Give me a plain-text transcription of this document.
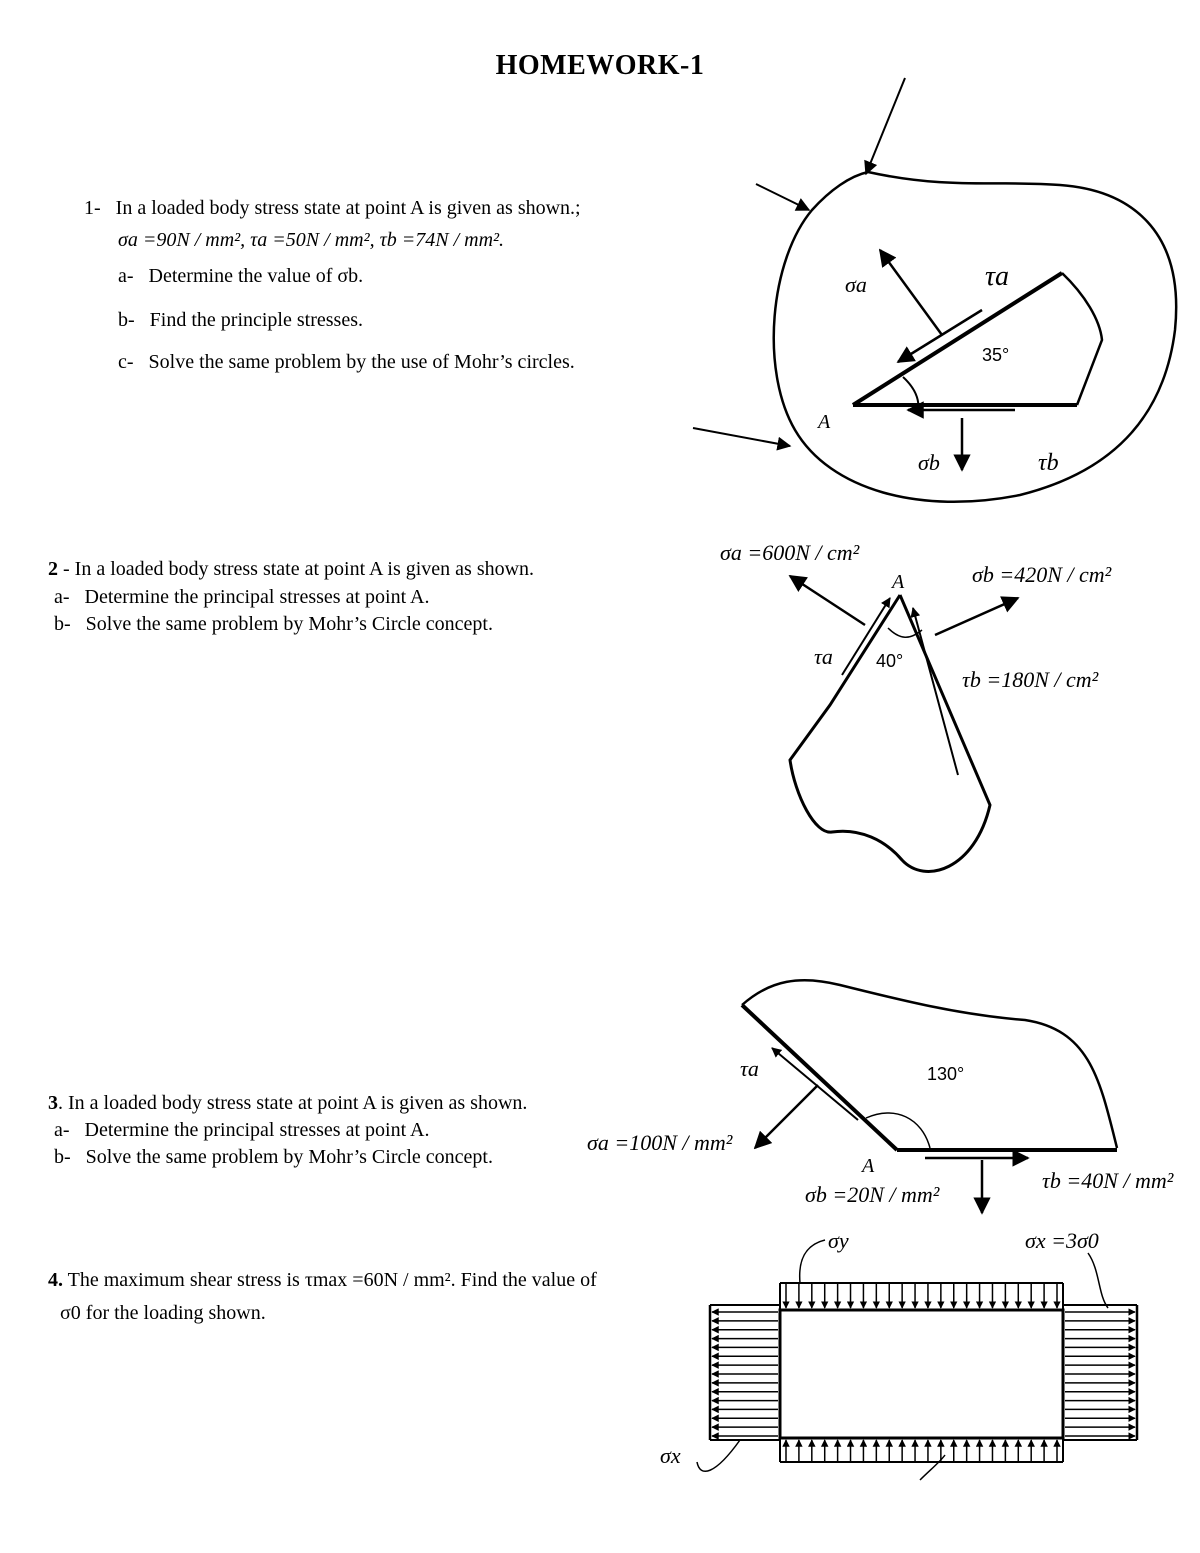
HOMEWORK-1
1- In a loaded body stress state at point A is given as shown.;
σa =90N / mm², τa =50N / mm², τb =74N / mm².
a- Determine the value of σb.
b- Find the principle stresses.
c- Solve the same problem by the use of Mohr’s circles.
2 - In a loaded body stress state at point A is given as shown.
a- Determine the principal stresses at point A.
b- Solve the same problem by Mohr’s Circle concept.
3. In a loaded body stress state at point A is given as shown.
a- Determine the principal stresses at point A.
b- Solve the same problem by Mohr’s Circle concept.
4. The maximum shear stress is τmax =60N / mm². Find the value of
σ0 for the loading shown.
σa	τa
35°
A
σb	τb
σa =600N / cm²
A	σb =420N / cm²
τa 40°
τb =180N / cm²
τa	130°
σa =100N / mm²
A
σb =20N / mm²
τb =40N / mm²
σy	σx =3σ0
σx
